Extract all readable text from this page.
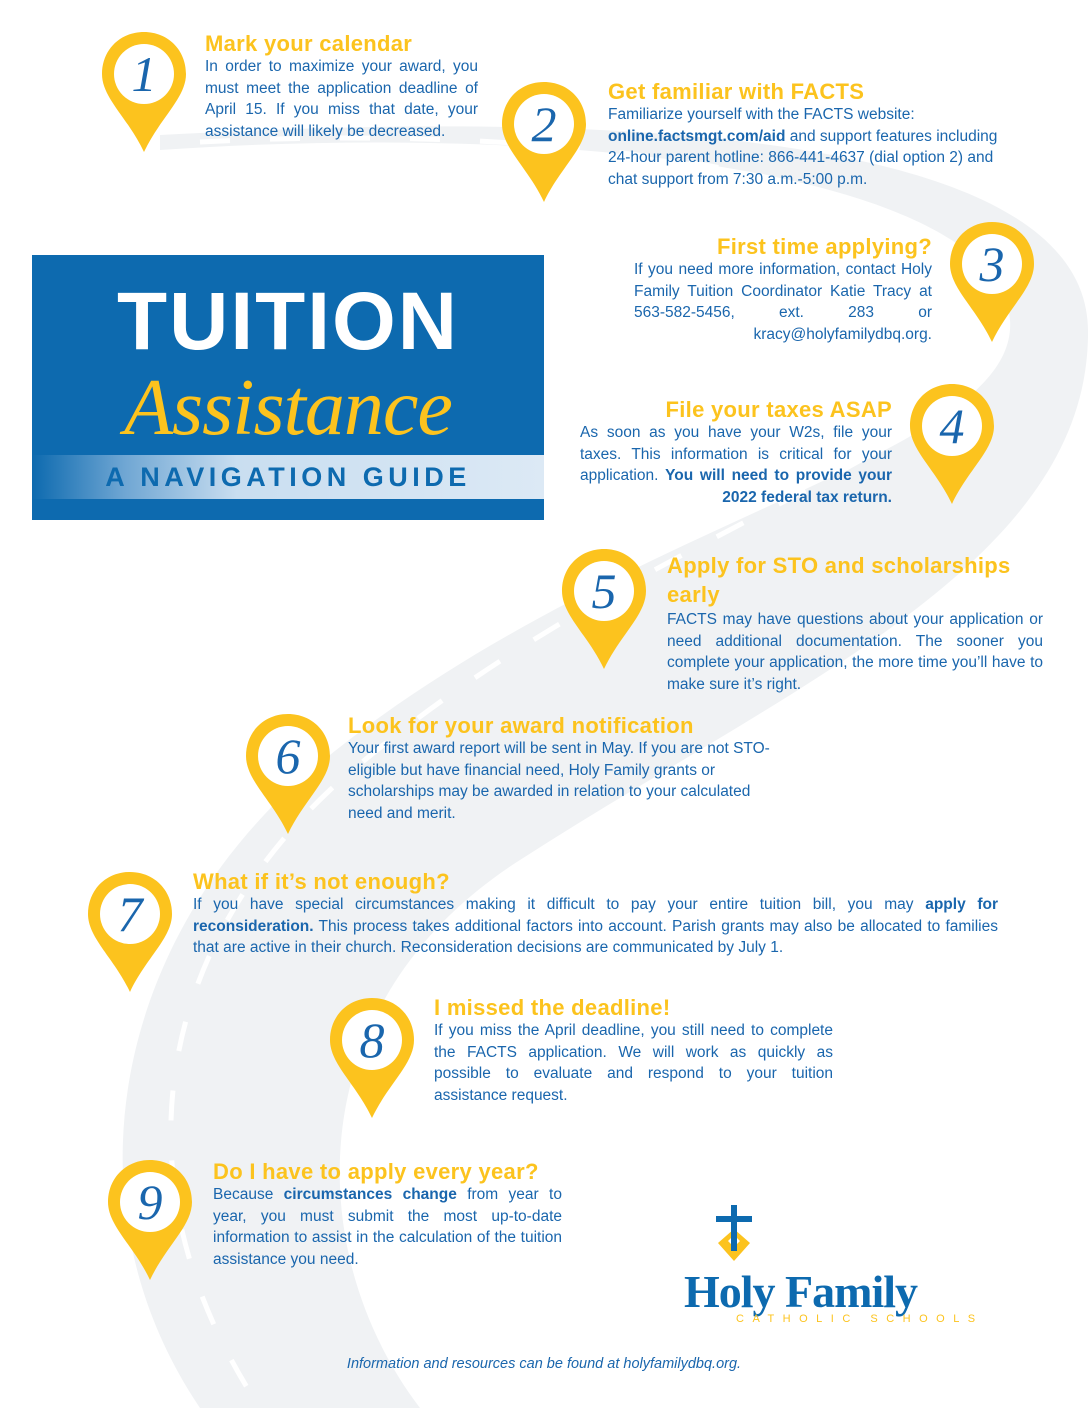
TUITION
Assistance
A NAVIGATION GUIDE
1

Mark your calendar

In order to maximize your award, you must meet the application deadline of April 15. If you miss that date, your assistance will likely be decreased.	2

Get familiar with FACTS

Familiarize yourself with the FACTS website: online.factsmgt.com/aid and support features including 24-hour parent hotline: 866-441-4637 (dial option 2) and chat support from 7:30 a.m.-5:00 p.m.

3

First time applying?

If you need more information, contact Holy Family Tuition Coordinator Katie Tracy at 563-582-5456, ext. 283 or kracy@holyfamilydbq.org.

4

File your taxes ASAP

As soon as you have your W2s, file your taxes. This information is critical for your application. You will need to provide your 2022 federal tax return.

5	Apply for STO and scholarships early

FACTS may have questions about your application or need additional documentation. The sooner you complete your application, the more time you’ll have to make sure it’s right.

6

Look for your award notification

Your first award report will be sent in May. If you are not STO-eligible but have financial need, Holy Family grants or scholarships may be awarded in relation to your calculated need and merit.

7

What if it’s not enough?

If you have special circumstances making it difficult to pay your entire tuition bill, you may apply for reconsideration. This process takes additional factors into account. Parish grants may also be allocated to families that are active in their church. Reconsideration decisions are communicated by July 1.

8

I missed the deadline!

If you miss the April deadline, you still need to complete the FACTS application. We will work as quickly as possible to evaluate and respond to your tuition assistance request.

9

Do I have to apply every year?

Because circumstances change from year to year, you must submit the most up-to-date information to assist in the calculation of the tuition assistance you need.

Holy Family
CATHOLIC SCHOOLS
Information and resources can be found at holyfamilydbq.org.
